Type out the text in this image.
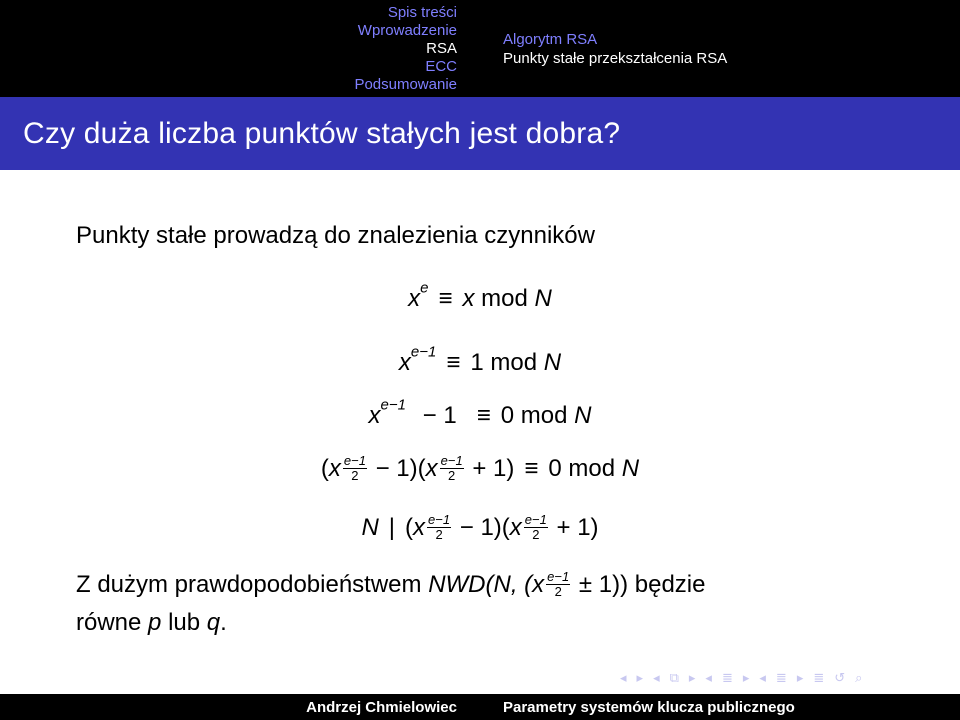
Spis treści
Wprowadzenie
RSA
ECC
Podsumowanie
Algorytm RSA
Punkty stałe przekształcenia RSA
Czy duża liczba punktów stałych jest dobra?
Punkty stałe prowadzą do znalezienia czynników
$x^e \equiv x$ mod N
$x^{e-1} \equiv 1$ mod N
$x^{e-1} - 1 \equiv 0$ mod N
$(x \frac{e-1}{2} - 1)(x \frac{e-1}{2} + 1) \equiv 0$ mod N
N | $(x \frac{e-1}{2} - 1)(x \frac{e-1}{2} + 1)$
Z dużym prawdopodobieństwem NWD(N, $(x \frac{e-1}{2} \pm 1)$) będzie
równe p lub q.
◂ ▸ ◂ ⧉ ▸ ◂ ≣ ▸ ◂ ≣ ▸ ≣ ↺ ⌕
Andrzej Chmielowiec	Parametry systemów klucza publicznego
